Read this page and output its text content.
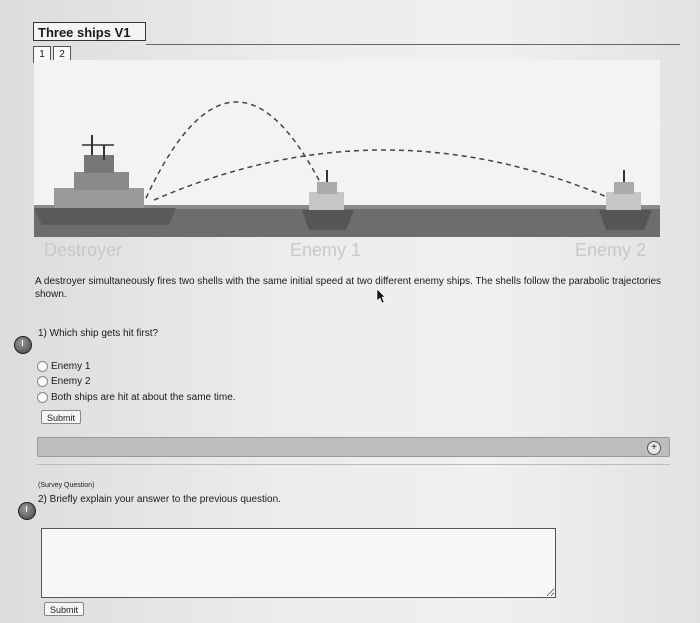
Three ships V1
1	2
Destroyer	Enemy 1	Enemy 2
A destroyer simultaneously fires two shells with the same initial speed at two different enemy ships. The shells follow the parabolic trajectories shown.
1) Which ship gets hit first?
Enemy 1
Enemy 2
Both ships are hit at about the same time.
Submit
+
(Survey Question)
2) Briefly explain your answer to the previous question.
Submit
